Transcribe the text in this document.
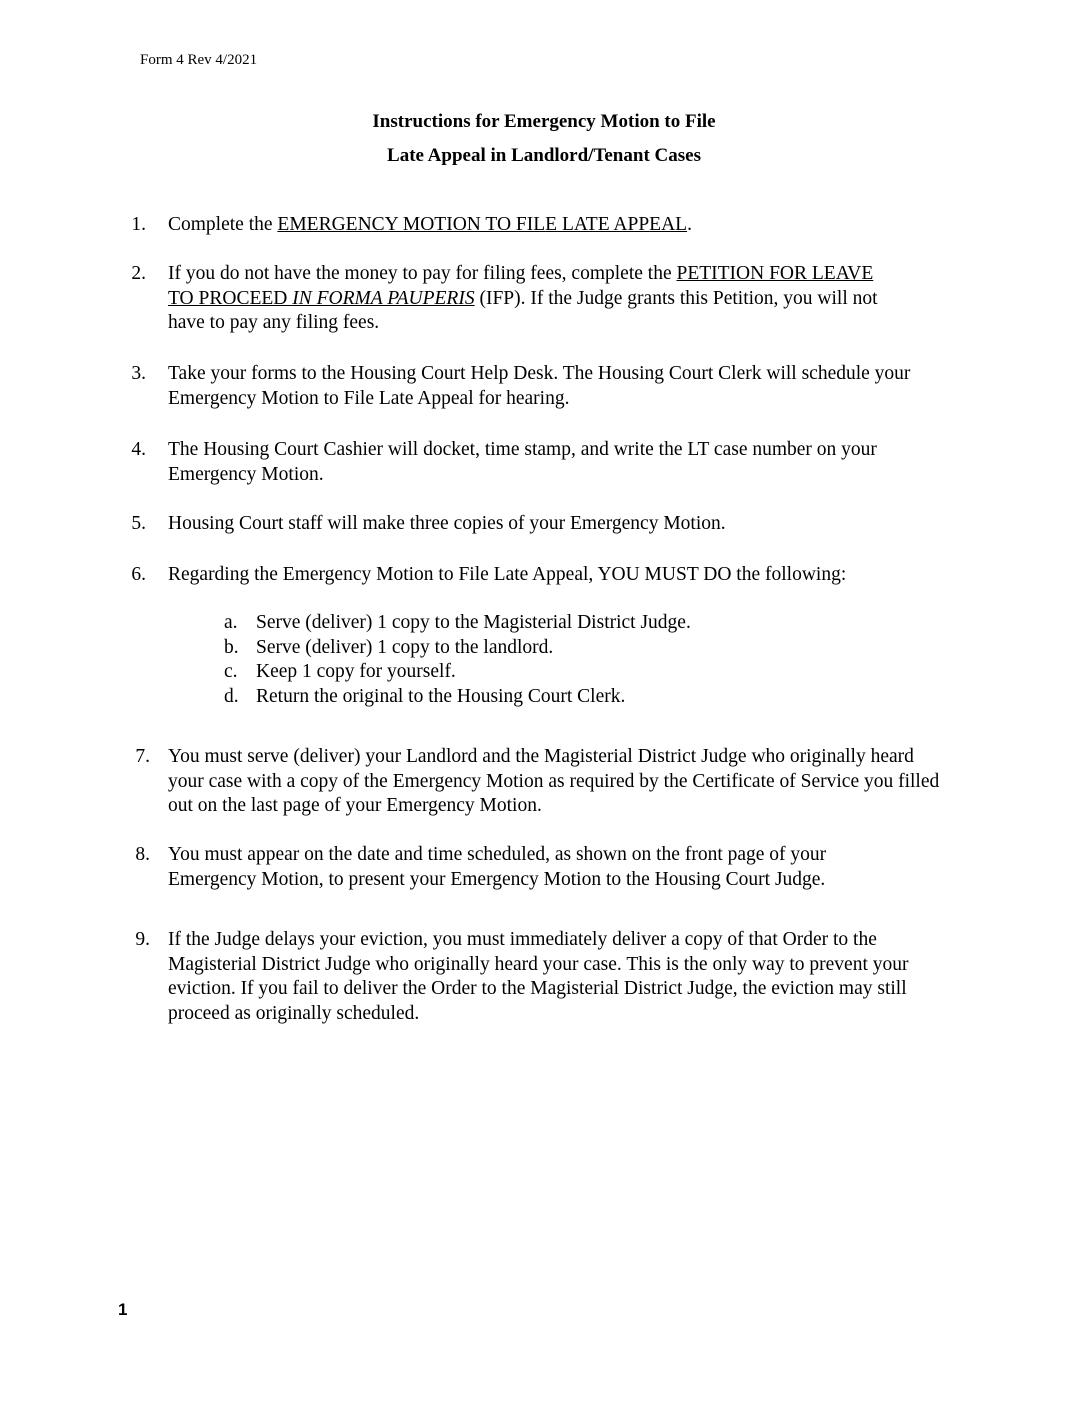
Form 4 Rev 4/2021
Instructions for Emergency Motion to File
Late Appeal in Landlord/Tenant Cases
1. Complete the EMERGENCY MOTION TO FILE LATE APPEAL.
2. If you do not have the money to pay for filing fees, complete the PETITION FOR LEAVE
TO PROCEED IN FORMA PAUPERIS (IFP). If the Judge grants this Petition, you will not
have to pay any filing fees.
3. Take your forms to the Housing Court Help Desk. The Housing Court Clerk will schedule your Emergency Motion to File Late Appeal for hearing.
4. The Housing Court Cashier will docket, time stamp, and write the LT case number on your Emergency Motion.
5. Housing Court staff will make three copies of your Emergency Motion.
6. Regarding the Emergency Motion to File Late Appeal, YOU MUST DO the following:
a. Serve (deliver) 1 copy to the Magisterial District Judge.
b. Serve (deliver) 1 copy to the landlord.
c. Keep 1 copy for yourself.
d. Return the original to the Housing Court Clerk.
7. You must serve (deliver) your Landlord and the Magisterial District Judge who originally heard your case with a copy of the Emergency Motion as required by the Certificate of Service you filled out on the last page of your Emergency Motion.
8. You must appear on the date and time scheduled, as shown on the front page of your Emergency Motion, to present your Emergency Motion to the Housing Court Judge.
9. If the Judge delays your eviction, you must immediately deliver a copy of that Order to the Magisterial District Judge who originally heard your case. This is the only way to prevent your eviction. If you fail to deliver the Order to the Magisterial District Judge, the eviction may still proceed as originally scheduled.
1
